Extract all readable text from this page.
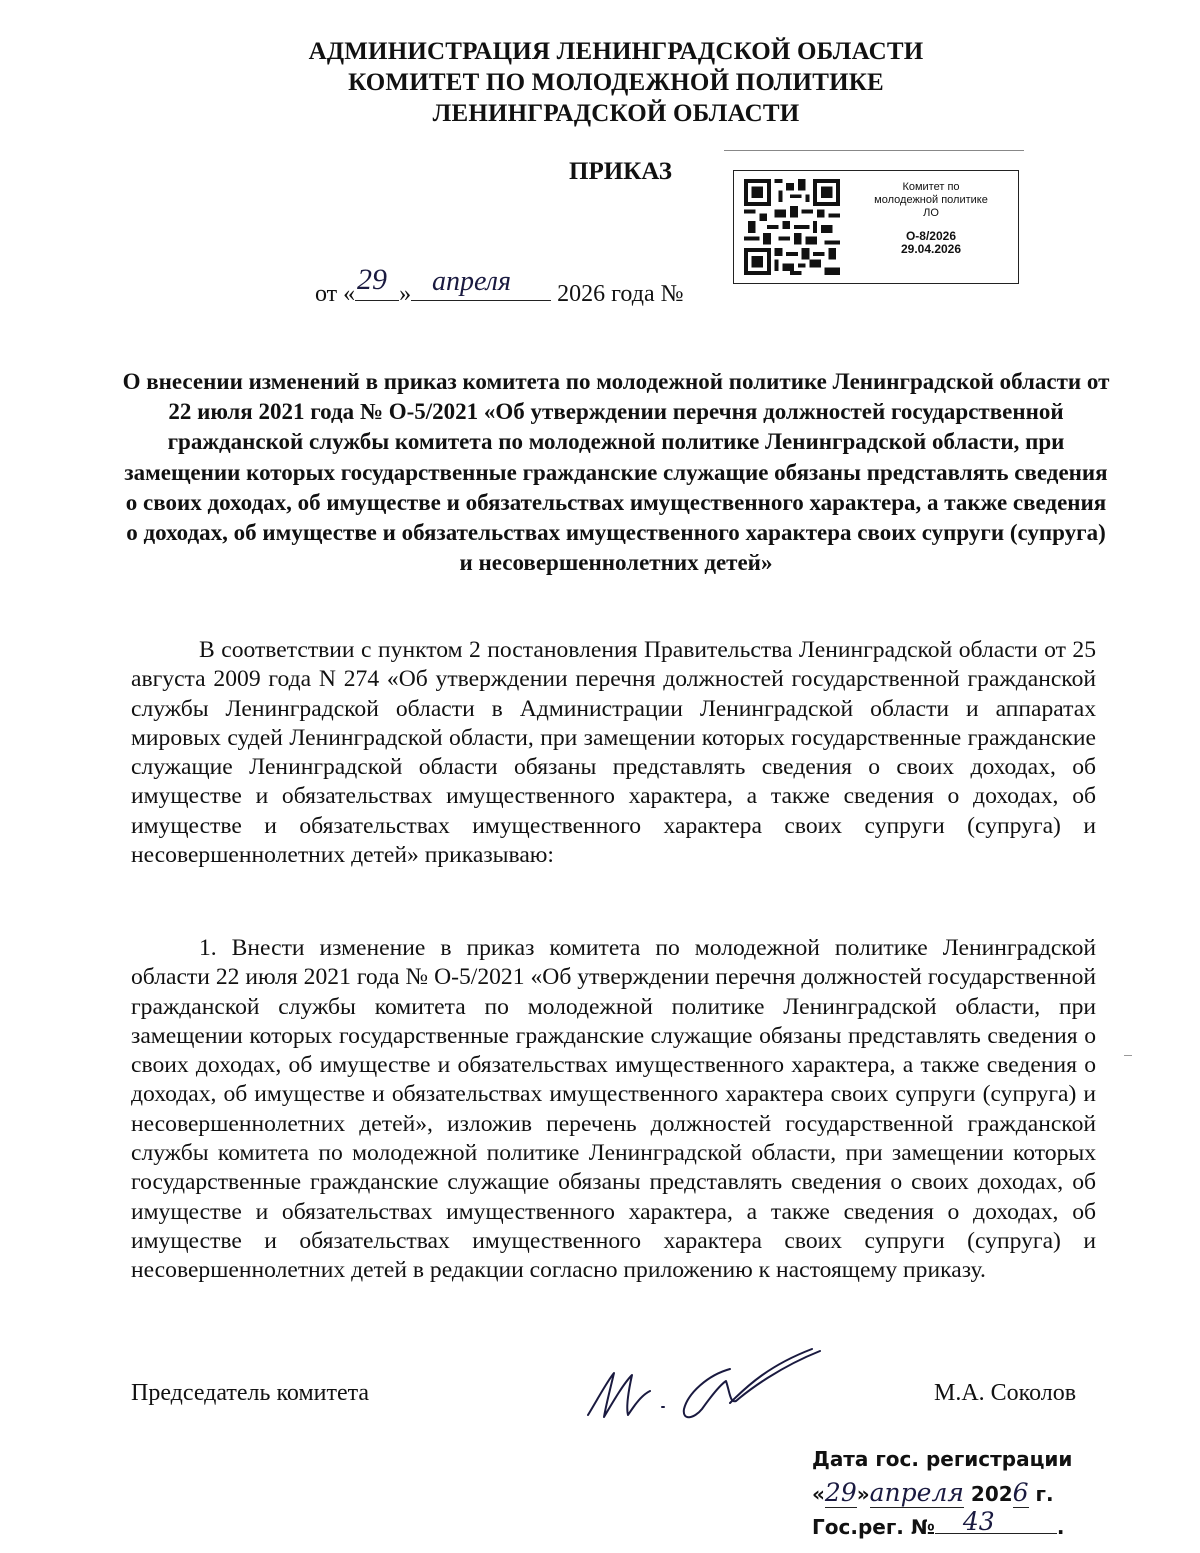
АДМИНИСТРАЦИЯ ЛЕНИНГРАДСКОЙ ОБЛАСТИ
КОМИТЕТ ПО МОЛОДЕЖНОЙ ПОЛИТИКЕ
ЛЕНИНГРАДСКОЙ ОБЛАСТИ
ПРИКАЗ
Комитет по
молодежной политике
ЛО
О-8/2026
29.04.2026
от « »	2026 года №
29 апреля
О внесении изменений в приказ комитета по молодежной политике Ленинградской области от 22 июля 2021 года № О-5/2021 «Об утверждении перечня должностей государственной гражданской службы комитета по молодежной политике Ленинградской области, при замещении которых государственные гражданские служащие обязаны представлять сведения о своих доходах, об имуществе и обязательствах имущественного характера, а также сведения о доходах, об имуществе и обязательствах имущественного характера своих супруги (супруга) и несовершеннолетних детей»

В соответствии с пунктом 2 постановления Правительства Ленинградской области от 25 августа 2009 года N 274 «Об утверждении перечня должностей государственной гражданской службы Ленинградской области в Администрации Ленинградской области и аппаратах мировых судей Ленинградской области, при замещении которых государственные гражданские служащие Ленинградской области обязаны представлять сведения о своих доходах, об имуществе и обязательствах имущественного характера, а также сведения о доходах, об имуществе и обязательствах имущественного характера своих супруги (супруга) и несовершеннолетних детей» приказываю:

1. Внести изменение в приказ комитета по молодежной политике Ленинградской области 22 июля 2021 года № О-5/2021 «Об утверждении перечня должностей государственной гражданской службы комитета по молодежной политике Ленинградской области, при замещении которых государственные гражданские служащие обязаны представлять сведения о своих доходах, об имуществе и обязательствах имущественного характера, а также сведения о доходах, об имуществе и обязательствах имущественного характера своих супруги (супруга) и несовершеннолетних детей», изложив перечень должностей государственной гражданской службы комитета по молодежной политике Ленинградской области, при замещении которых государственные гражданские служащие обязаны представлять сведения о своих доходах, об имуществе и обязательствах имущественного характера, а также сведения о доходах, об имуществе и обязательствах имущественного характера своих супруги (супруга) и несовершеннолетних детей в редакции согласно приложению к настоящему приказу.

Председатель комитета	М.А. Соколов
Дата гос. регистрации
«29»апреля 2026 г.
Гос.рег. № 43	.
